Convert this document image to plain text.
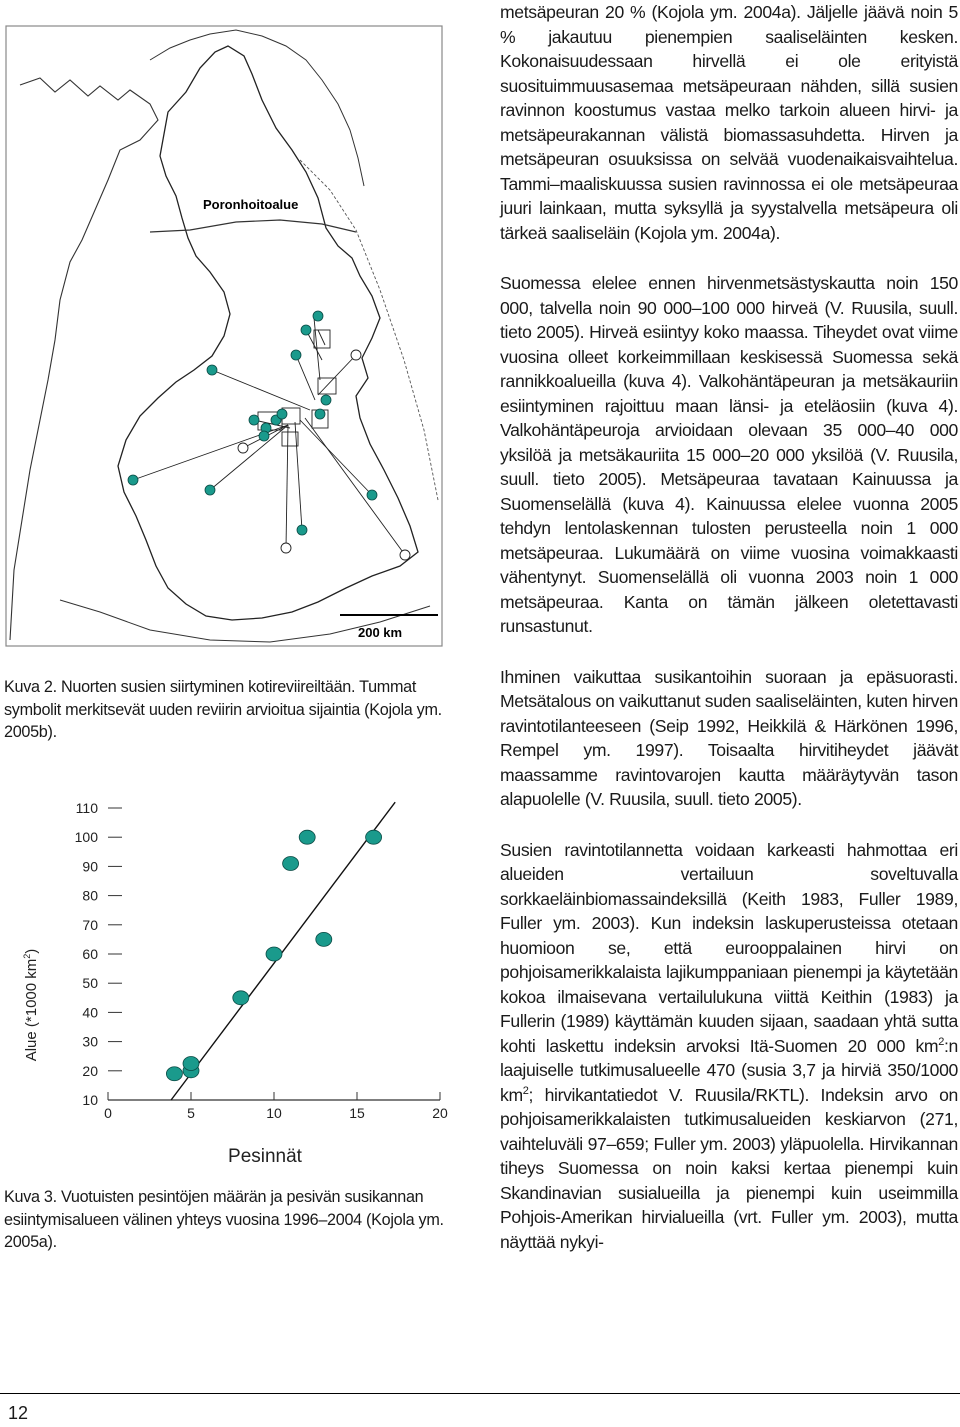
Poronhoitoalue
200 km
Kuva 2. Nuorten susien siirtyminen kotireviireiltään. Tummat symbolit merkitsevät uuden reviirin arvioitua sijaintia (Kojola ym. 2005b).
0	5	10	15	20
10
20
30
40
50
60
70
80
90
100
110
Pesinnät
Alue (*1000 $km^2$)
Kuva 3. Vuotuisten pesintöjen määrän ja pesivän susikannan esiintymisalueen välinen yhteys vuosina 1996–2004 (Kojola ym. 2005a).

metsäpeuran 20 % (Kojola ym. 2004a). Jäljelle jäävä noin 5 % jakautuu pienempien saaliseläinten kesken. Kokonaisuudessaan hirvellä ei ole erityistä suosituimmuusasemaa metsäpeuraan nähden, sillä susien ravinnon koostumus vastaa melko tarkoin alueen hirvi- ja metsäpeurakannan välistä biomassasuhdetta. Hirven ja metsäpeuran osuuksissa on selvää vuodenaikaisvaihtelua. Tammi–maaliskuussa susien ravinnossa ei ole metsäpeuraa juuri lainkaan, mutta syksyllä ja syystalvella metsäpeura oli tärkeä saaliseläin (Kojola ym. 2004a).

Suomessa elelee ennen hirvenmetsästyskautta noin 150 000, talvella noin 90 000–100 000 hirveä (V. Ruusila, suull. tieto 2005). Hirveä esiintyy koko maassa. Tiheydet ovat viime vuosina olleet korkeimmillaan keskisessä Suomessa sekä rannikkoalueilla (kuva 4). Valkohäntäpeuran ja metsäkauriin esiintyminen rajoittuu maan länsi- ja eteläosiin (kuva 4). Valkohäntäpeuroja arvioidaan olevaan 35 000–40 000 yksilöä ja metsäkauriita 15 000–20 000 yksilöä (V. Ruusila, suull. tieto 2005). Metsäpeuraa tavataan Kainuussa ja Suomenselällä (kuva 4). Kainuussa elelee vuonna 2005 tehdyn lentolaskennan tulosten perusteella noin 1 000 metsäpeuraa. Lukumäärä on viime vuosina voimakkaasti vähentynyt. Suomenselällä oli vuonna 2003 noin 1 000 metsäpeuraa. Kanta on tämän jälkeen oletettavasti runsastunut.

Ihminen vaikuttaa susikantoihin suoraan ja epäsuorasti. Metsätalous on vaikuttanut suden saaliseläinten, kuten hirven ravintotilanteeseen (Seip 1992, Heikkilä & Härkönen 1996, Rempel ym. 1997). Toisaalta hirvitiheydet jäävät maassamme ravintovarojen kautta määräytyvän tason alapuolelle (V. Ruusila, suull. tieto 2005).

Susien ravintotilannetta voidaan karkeasti hahmottaa eri alueiden vertailuun soveltuvalla sorkkaeläinbiomassaindeksillä (Keith 1983, Fuller 1989, Fuller ym. 2003). Kun indeksin laskuperusteissa otetaan huomioon se, että eurooppalainen hirvi on pohjoisamerikkalaista lajikumppaniaan pienempi ja käytetään kokoa ilmaisevana vertailulukuna viittä Keithin (1983) ja Fullerin (1989) käyttämän kuuden sijaan, saadaan yhtä suttа kohti laskettu indeksin arvoksi Itä-Suomen 20 000 $km^2:n$ laajuiselle tutkimusalueelle 470 (susia 3,7 ja hirviä 350/1000 $km^2$; hirvikantatiedot V. Ruusila/RKTL). Indeksin arvo on pohjoisamerikkalaisten tutkimusalueiden keskiarvon (271, vaihteluväli 97–659; Fuller ym. 2003) yläpuolella. Hirvikannan tiheys Suomessa on noin kaksi kertaa pienempi kuin Skandinavian susialueilla ja pienempi kuin useimmilla Pohjois-Amerikan hirvialueilla (vrt. Fuller ym. 2003), mutta näyttää nykyi-

12
